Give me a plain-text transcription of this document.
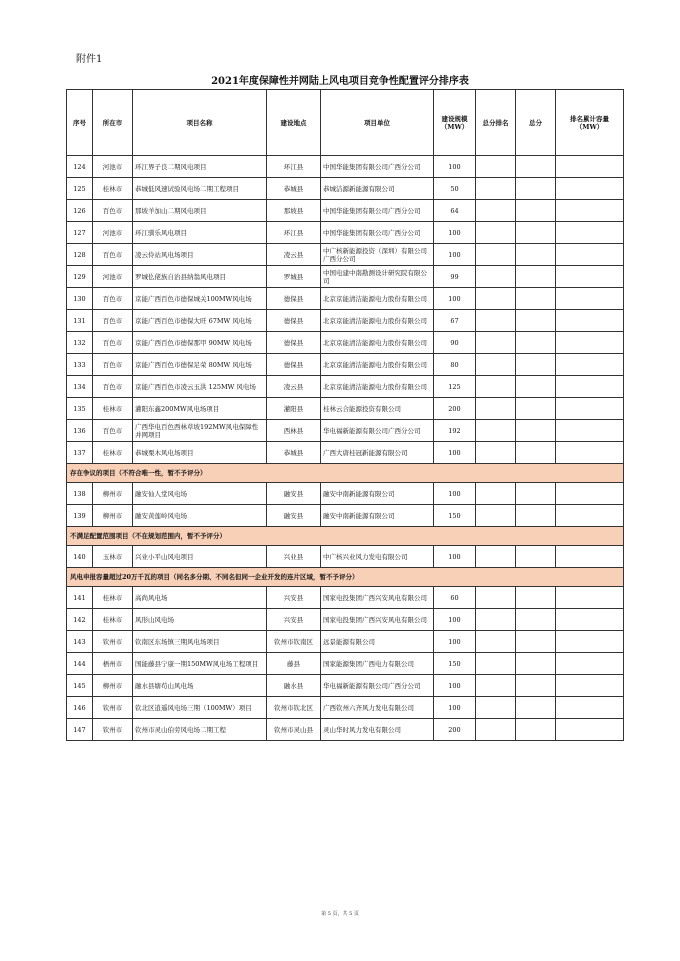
附件1
2021年度保障性并网陆上风电项目竞争性配置评分排序表
序号	所在市	项目名称	建设地点	项目单位	建设规模（MW）	总分排名	总分	排名累计容量（MW）
124	河池市	环江界子良二期风电项目	环江县	中国华能集团有限公司广西分公司	100			
125	桂林市	恭城低风速试验风电场二期工程项目	恭城县	恭城洁源新能源有限公司	50			
126	百色市	那坡羊加山二期风电项目	那坡县	中国华能集团有限公司广西分公司	64			
127	河池市	环江驯乐风电项目	环江县	中国华能集团有限公司广西分公司	100			
128	百色市	凌云伶站风电场项目	凌云县	中广核新能源投资（深圳）有限公司广西分公司	100			
129	河池市	罗城仫佬族自治县纳翁风电项目	罗城县	中国电建中南勘测设计研究院有限公司	99			
130	百色市	京能广西百色市德保城关100MW风电场	德保县	北京京能清洁能源电力股份有限公司	100			
131	百色市	京能广西百色市德保大旺 67MW 风电场	德保县	北京京能清洁能源电力股份有限公司	67			
132	百色市	京能广西百色市德保那甲 90MW 风电场	德保县	北京京能清洁能源电力股份有限公司	90			
133	百色市	京能广西百色市德保足荣 80MW 风电场	德保县	北京京能清洁能源电力股份有限公司	80			
134	百色市	京能广西百色市凌云玉洪 125MW 风电场	凌云县	北京京能清洁能源电力股份有限公司	125			
135	桂林市	灌阳东鑫200MW风电场项目	灌阳县	桂林云合能源投资有限公司	200			
136	百色市	广西华电百色西林草坡192MW风电保障性并网项目	西林县	华电福新能源有限公司广西分公司	192			
137	桂林市	恭城栗木风电场项目	恭城县	广西大唐桂冠新能源有限公司	100			
存在争议的项目（不符合唯一性，暂不予评分）								
138	柳州市	融安仙人堂风电场	融安县	融安中南新能源有限公司	100			
139	柳州市	融安黄莲岭风电场	融安县	融安中南新能源有限公司	150			
不满足配置范围项目（不在规划范围内，暂不予评分）								
140	玉林市	兴业小平山风电项目	兴业县	中广核兴业风力发电有限公司	100			
风电申报容量超过20万千瓦的项目（同名多分期、不同名但同一企业开发的连片区域，暂不予评分）								
141	桂林市	高尚风电场	兴安县	国家电投集团广西兴安风电有限公司	60			
142	桂林市	风形山风电场	兴安县	国家电投集团广西兴安风电有限公司	100			
143	钦州市	钦南区东场镇三期风电场项目	钦州市钦南区	远景能源有限公司	100			
144	梧州市	国能藤县宁康一期150MW风电场工程项目	藤县	国家能源集团广西电力有限公司	150			
145	柳州市	融水县塘苟山风电场	融水县	华电福新能源有限公司广西分公司	100			
146	钦州市	钦北区逍遥风电场三期（100MW）项目	钦州市钦北区	广西钦州六齐风力发电有限公司	100			
147	钦州市	钦州市灵山伯劳风电场二期工程	钦州市灵山县	灵山华时风力发电有限公司	200			
第 5 页，共 5 页
